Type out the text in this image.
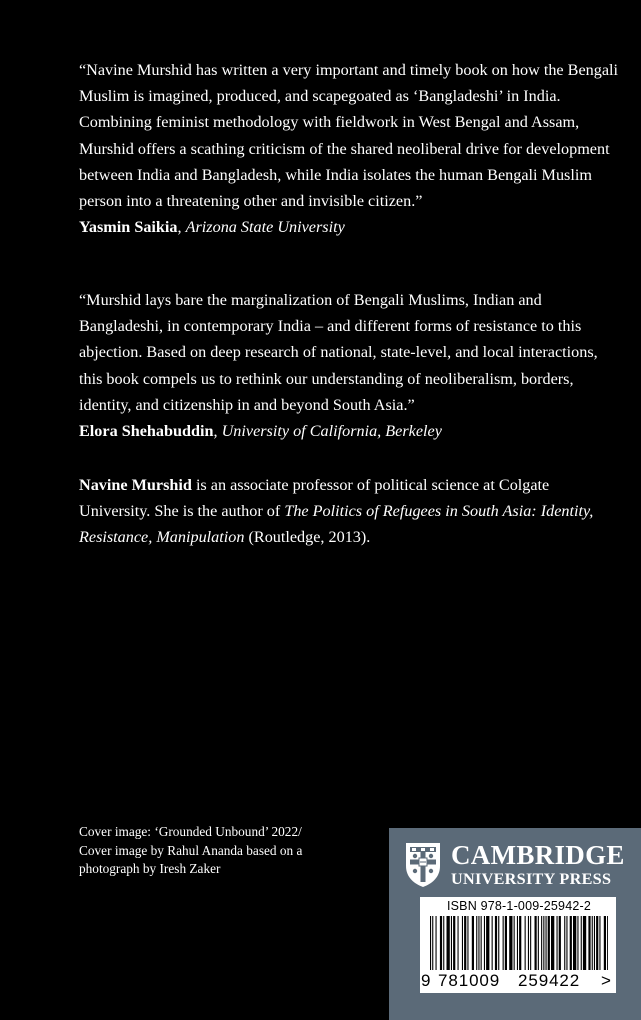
“Navine Murshid has written a very important and timely book on how the Bengali Muslim is imagined, produced, and scapegoated as ‘Bangladeshi’ in India. Combining feminist methodology with fieldwork in West Bengal and Assam, Murshid offers a scathing criticism of the shared neoliberal drive for development between India and Bangladesh, while India isolates the human Bengali Muslim person into a threatening other and invisible citizen.”
Yasmin Saikia, Arizona State University

“Murshid lays bare the marginalization of Bengali Muslims, Indian and Bangladeshi, in contemporary India – and different forms of resistance to this abjection. Based on deep research of national, state-level, and local interactions, this book compels us to rethink our understanding of neoliberalism, borders, identity, and citizenship in and beyond South Asia.”
Elora Shehabuddin, University of California, Berkeley

Navine Murshid is an associate professor of political science at Colgate University. She is the author of The Politics of Refugees in South Asia: Identity, Resistance, Manipulation (Routledge, 2013).

Cover image: ‘Grounded Unbound’ 2022/
Cover image by Rahul Ananda based on a
photograph by Iresh Zaker	CAMBRIDGE
UNIVERSITY PRESS
ISBN 978-1-009-25942-2
9 781009 259422 >
